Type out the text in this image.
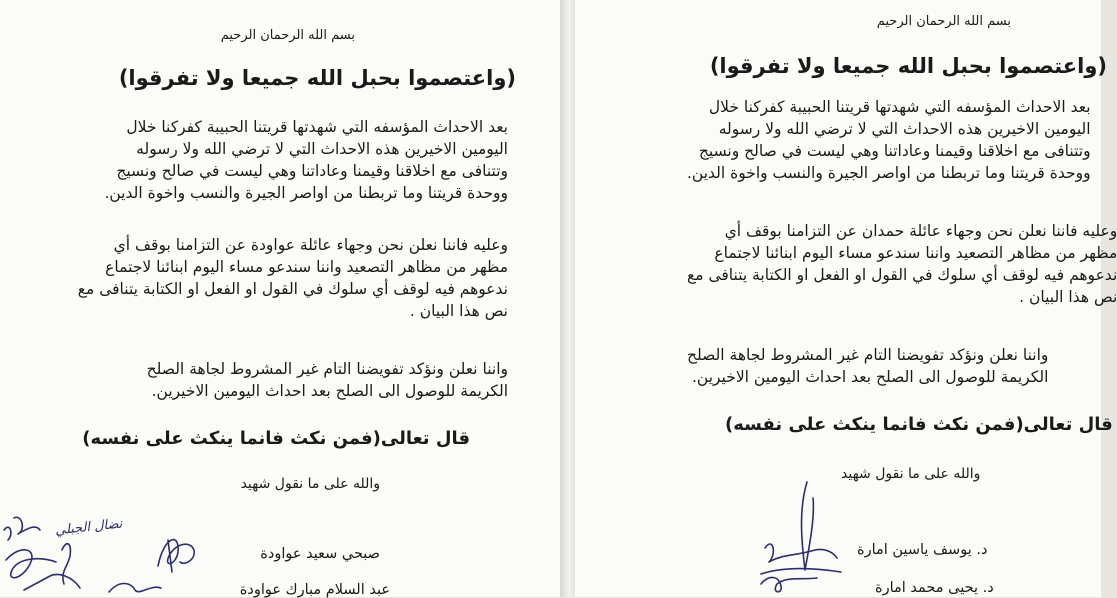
بسم الله الرحمان الرحيم
(واعتصموا بحبل الله جميعا ولا تفرقوا)
بعد الاحداث المؤسفه التي شهدتها قريتنا الحبيبة كفركنا خلال
اليومين الاخيرين هذه الاحداث التي لا ترضي الله ولا رسوله
وتتنافى مع اخلاقنا وقيمنا وعاداتنا وهي ليست في صالح ونسيج
ووحدة قريتنا وما تربطنا من اواصر الجيرة والنسب واخوة الدين.
وعليه فاننا نعلن نحن وجهاء عائلة عواودة عن التزامنا بوقف أي
مظهر من مظاهر التصعيد واننا سندعو مساء اليوم ابنائنا لاجتماع
ندعوهم فيه لوقف أي سلوك في القول او الفعل او الكتابة يتنافى مع
نص هذا البيان .
واننا نعلن ونؤكد تفويضنا التام غير المشروط لجاهة الصلح
الكريمة للوصول الى الصلح بعد احداث اليومين الاخيرين.
قال تعالى(فمن نكث فانما ينكث على نفسه)
والله على ما نقول شهيد
صبحي سعيد عواودة
عبد السلام مبارك عواودة
نضال الجبلي
بسم الله الرحمان الرحيم
(واعتصموا بحبل الله جميعا ولا تفرقوا)
بعد الاحداث المؤسفه التي شهدتها قريتنا الحبيبة كفركنا خلال
اليومين الاخيرين هذه الاحداث التي لا ترضي الله ولا رسوله
وتتنافى مع اخلاقنا وقيمنا وعاداتنا وهي ليست في صالح ونسيج
ووحدة قريتنا وما تربطنا من اواصر الجيرة والنسب واخوة الدين.
وعليه فاننا نعلن نحن وجهاء عائلة حمدان عن التزامنا بوقف أي
مظهر من مظاهر التصعيد واننا سندعو مساء اليوم ابنائنا لاجتماع
ندعوهم فيه لوقف أي سلوك في القول او الفعل او الكتابة يتنافى مع
نص هذا البيان .
واننا نعلن ونؤكد تفويضنا التام غير المشروط لجاهة الصلح
الكريمة للوصول الى الصلح بعد احداث اليومين الاخيرين.
قال تعالى(فمن نكث فانما ينكث على نفسه)
والله على ما نقول شهيد
د. يوسف ياسين امارة
د. يحيى محمد امارة
